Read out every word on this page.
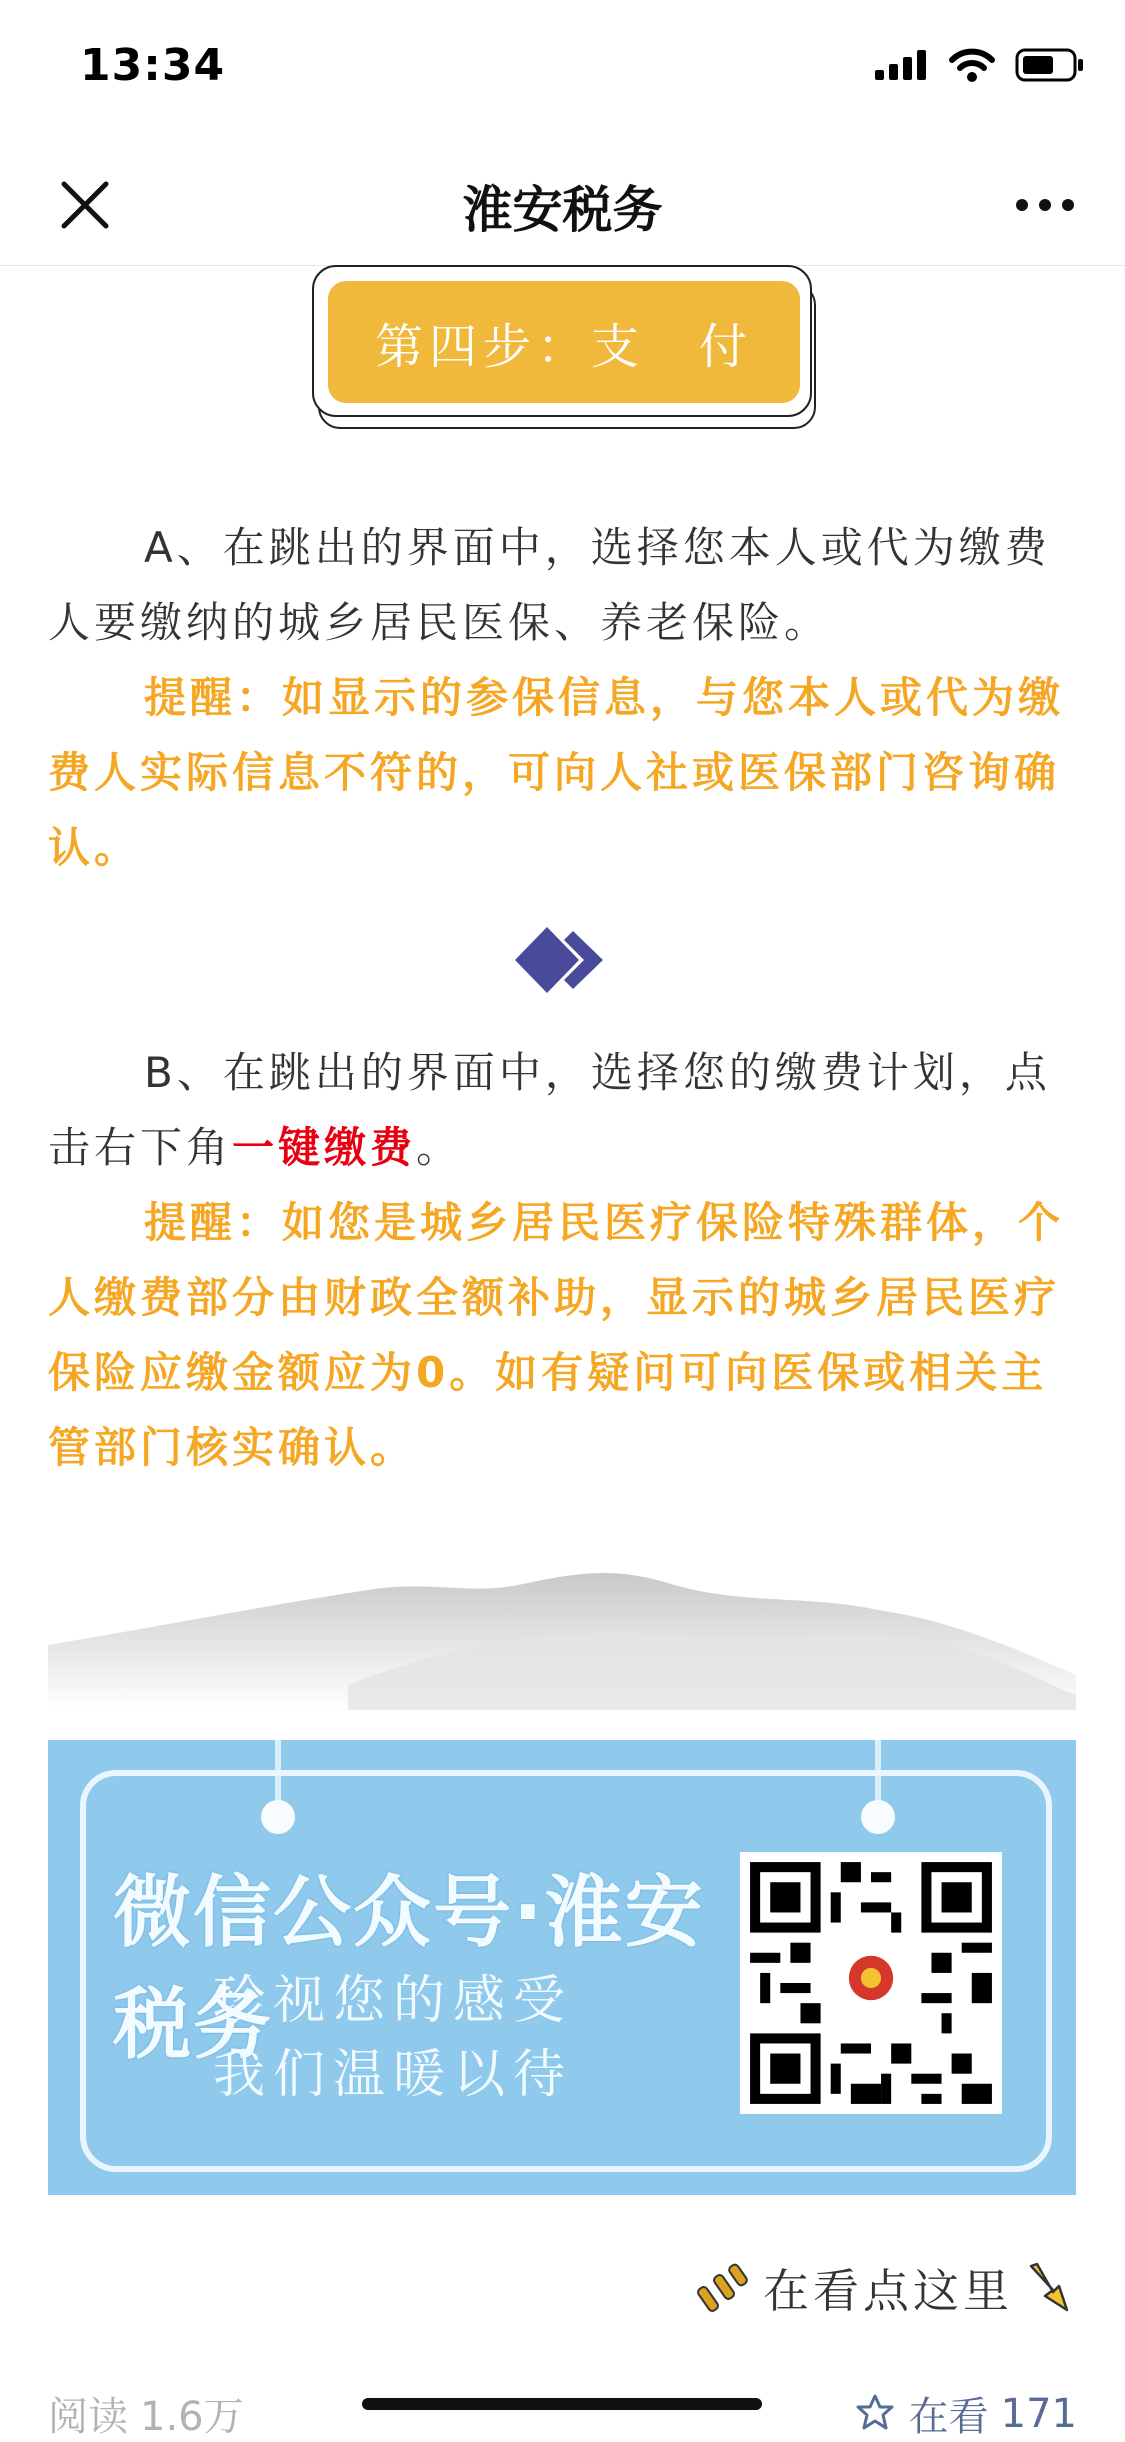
13:34
淮安税务
第四步：支　付
A、在跳出的界面中，选择您本人或代为缴费人要缴纳的城乡居民医保、养老保险。
提醒：如显示的参保信息，与您本人或代为缴费人实际信息不符的，可向人社或医保部门咨询确认。
B、在跳出的界面中，选择您的缴费计划，点击右下角一键缴费。
提醒：如您是城乡居民医疗保险特殊群体，个人缴费部分由财政全额补助，显示的城乡居民医疗保险应缴金额应为0。如有疑问可向医保或相关主管部门核实确认。
微信公众号·淮安税务
珍视您的感受
我们温暖以待
在看点这里
阅读 1.6万	在看 171
